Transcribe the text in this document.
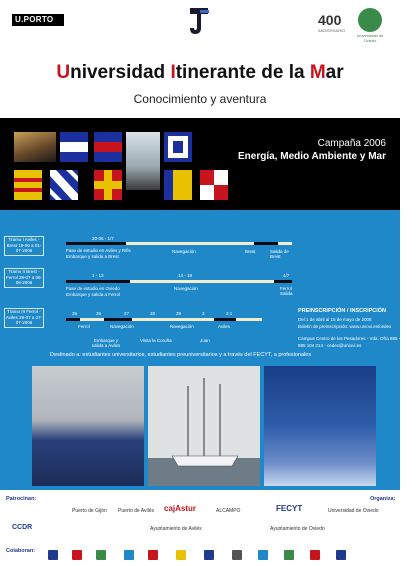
U.PORTO	400
ANIVERSARIO
Universidad de Oviedo
Universidad Itinerante de la Mar
Conocimiento y aventura
Campaña 2006
Energía, Medio Ambiente y Mar
Tramo I Aviles - Brest 19-06 a 01-07-2006
20-06 - 1/7
Fase de estudio en Aviles y Rifis
Embarque y salida a Brest
Navegación	Brest	Salida de Brest
Tramo II Brest - Ferrol 29-07 a 06-08-2006
1 - 13	14 - 18	4/7
Fase de estudio en Oviedo
Embarque y salida a Ferrol
Navegación	Ferrol Salida
Tramo III Ferrol - Aviles 29-07 a 27-07-2006
25	26	27	28	29	3	3.1
Ferrol	Navegación	Navegación	Aviles
Embarque y salida a Aviles
Visita la Coruña	Juan
PREINSCRIPCIÓN / INSCRIPCIÓN
Del 1 de abril al 15 de mayo de 2006
Boletin de preinscripción: www.uniovi.es/cedex
Campus Centro de los Pesadores - Vda. Ofra 985 - Oviedo
985 104 214 - cedex@uniovi.es
Destinado a: estudiantes universitarios, estudiantes preuniversitarios y a través del FECYT, a profesionales
Patrocinan:	Organiza:
Colaboran:
Puerto de Gijón Puerto de Avilés cajAstur	ALCAMPO	FECYT	Universidad de Oviedo
CCDR	Ayuntamiento de Avilés	Ayuntamiento de Oviedo
